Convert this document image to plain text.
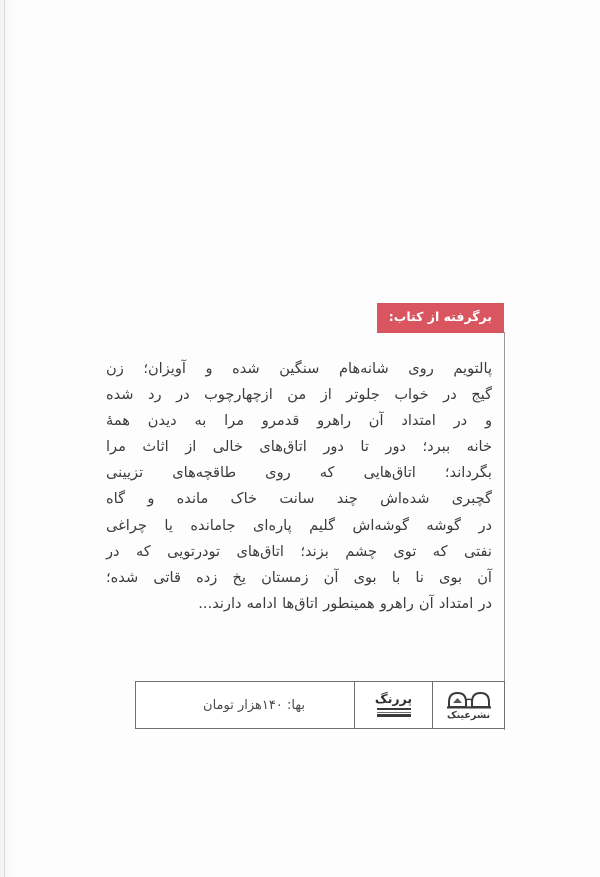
برگرفته از کتاب:
پالتویم روی شانه‌هام سنگین شده و آویزان؛ زن
گیج در خواب جلوتر از من ازچهارچوب در رد شده
و در امتداد آن راهرو قدمرو مرا به دیدن همهٔ
خانه ببرد؛ دور تا دور اتاق‌های خالی از اثاث مرا
بگرداند؛ اتاق‌هایی که روی طاقچه‌های تزیینی
گچبری شده‌اش چند سانت خاک مانده و گاه
در گوشه گوشه‌اش گلیم پاره‌ای جامانده یا چراغی
نفتی که توی چشم بزند؛ اتاق‌های تودرتویی که در
آن بوی نا با بوی آن زمستان یخ زده قاتی شده؛
در امتداد آن راهرو همینطور اتاق‌ها ادامه دارند...
نشرعینک
پررنگ
بها: ۱۴۰هزار تومان
